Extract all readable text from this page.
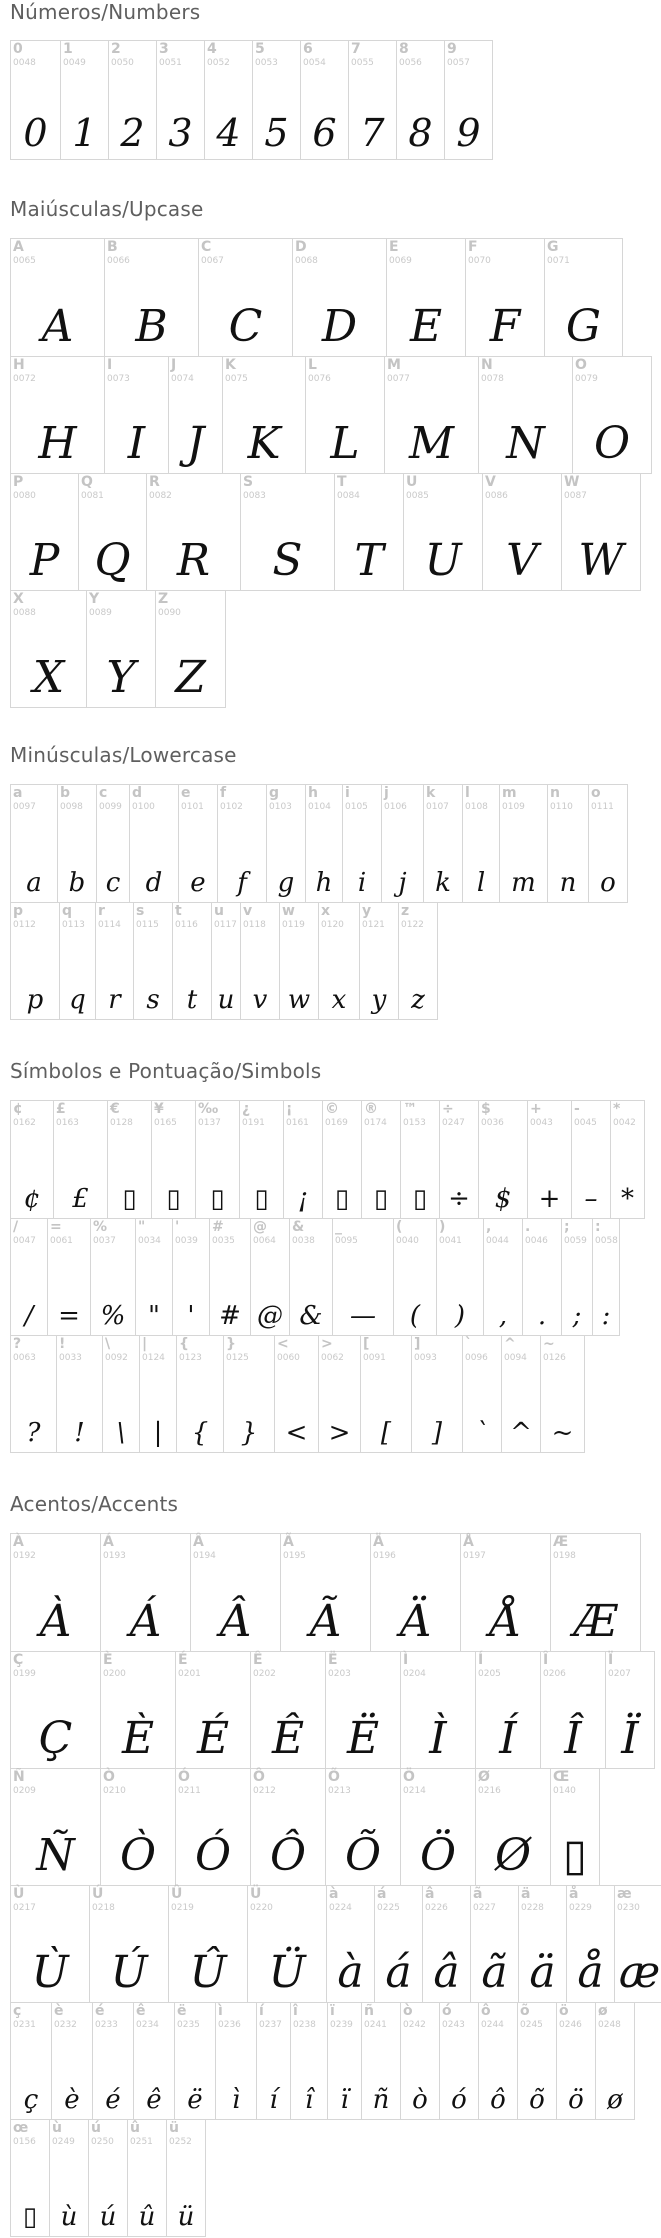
Números/Numbers
0
0048
0
1
0049
1
2
0050
2
3
0051
3
4
0052
4
5
0053
5
6
0054
6
7
0055
7
8
0056
8
9
0057
9
Maiúsculas/Upcase
A
0065
A
B
0066
B
C
0067
C
D
0068
D
E
0069
E
F
0070
F
G
0071
G
H
0072
H
I
0073
I
J
0074
J
K
0075
K
L
0076
L
M
0077
M
N
0078
N
O
0079
O
P
0080
P
Q
0081
Q
R
0082
R
S
0083
S
T
0084
T
U
0085
U
V
0086
V
W
0087
W
X
0088
X
Y
0089
Y
Z
0090
Z
Minúsculas/Lowercase
a
0097
a
b
0098
b
c
0099
c
d
0100
d
e
0101
e
f
0102
f
g
0103
g
h
0104
h
i
0105
i
j
0106
j
k
0107
k
l
0108
l
m
0109
m
n
0110
n
o
0111
o
p
0112
p
q
0113
q
r
0114
r
s
0115
s
t
0116
t
u
0117
u
v
0118
v
w
0119
w
x
0120
x
y
0121
y
z
0122
z
Símbolos e Pontuação/Simbols
¢
0162
¢
£
0163
£
€
0128
▯
¥
0165
▯
‰
0137
▯
¿
0191
▯
¡
0161
¡
©
0169
▯
®
0174
▯
™
0153
▯
÷
0247
÷
$
0036
$
+
0043
+
-
0045
–
*
0042
*
/
0047
/
=
0061
=
%
0037
%
"
0034
"
'
0039
'
#
0035
#
@
0064
@
&
0038
&
_
0095
—
(
0040
(
)
0041
)
,
0044
,
.
0046
.
;
0059
;
:
0058
:
?
0063
?
!
0033
!
\
0092
\
|
0124
|
{
0123
{
}
0125
}
<
0060
<
>
0062
>
[
0091
[
]
0093
]
`
0096
`
^
0094
^
~
0126
~
Acentos/Accents
À
0192
À
Á
0193
Á
Â
0194
Â
Ã
0195
Ã
Ä
0196
Ä
Å
0197
Å
Æ
0198
Æ
Ç
0199
Ç
È
0200
È
É
0201
É
Ê
0202
Ê
Ë
0203
Ë
Ì
0204
Ì
Í
0205
Í
Î
0206
Î
Ï
0207
Ï
Ñ
0209
Ñ
Ò
0210
Ò
Ó
0211
Ó
Ô
0212
Ô
Õ
0213
Õ
Ö
0214
Ö
Ø
0216
Ø
Œ
0140
▯
Ù
0217
Ù
Ú
0218
Ú
Û
0219
Û
Ü
0220
Ü
à
0224
à
á
0225
á
â
0226
â
ã
0227
ã
ä
0228
ä
å
0229
å
æ
0230
æ
ç
0231
ç
è
0232
è
é
0233
é
ê
0234
ê
ë
0235
ë
ì
0236
ì
í
0237
í
î
0238
î
ï
0239
ï
ñ
0241
ñ
ò
0242
ò
ó
0243
ó
ô
0244
ô
õ
0245
õ
ö
0246
ö
ø
0248
ø
œ
0156
▯
ù
0249
ù
ú
0250
ú
û
0251
û
ü
0252
ü
